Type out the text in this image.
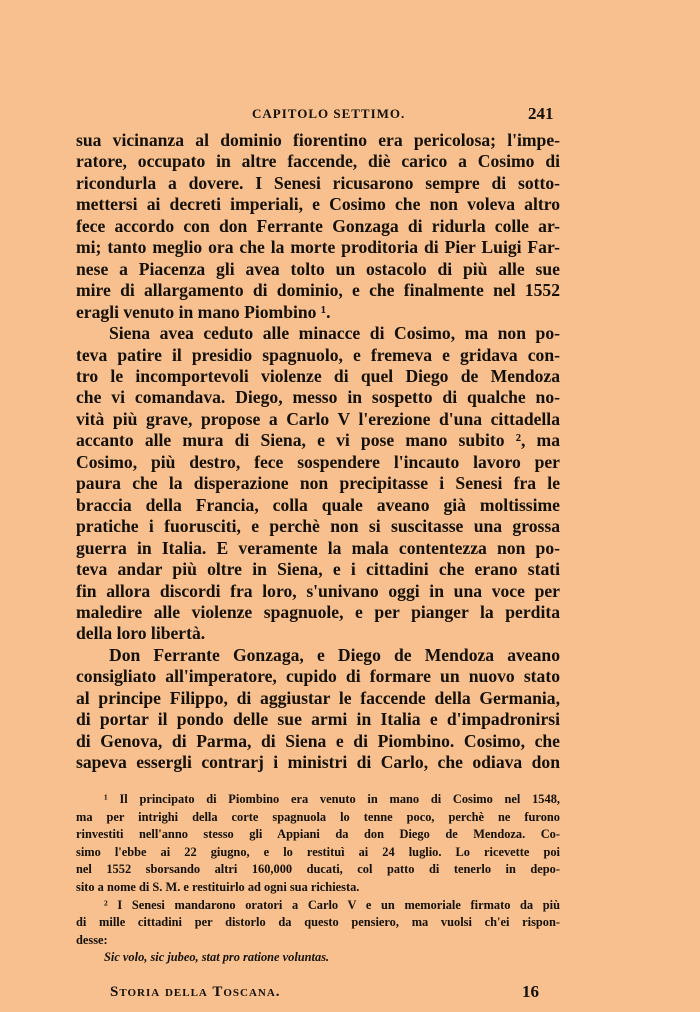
CAPITOLO SETTIMO.	241
sua vicinanza al dominio fiorentino era pericolosa; l'impe-
ratore, occupato in altre faccende, diè carico a Cosimo di
ricondurla a dovere. I Senesi ricusarono sempre di sotto-
mettersi ai decreti imperiali, e Cosimo che non voleva altro
fece accordo con don Ferrante Gonzaga di ridurla colle ar-
mi; tanto meglio ora che la morte proditoria di Pier Luigi Far-
nese a Piacenza gli avea tolto un ostacolo di più alle sue
mire di allargamento di dominio, e che finalmente nel 1552
eragli venuto in mano Piombino ¹.
Siena avea ceduto alle minacce di Cosimo, ma non po-
teva patire il presidio spagnuolo, e fremeva e gridava con-
tro le incomportevoli violenze di quel Diego de Mendoza
che vi comandava. Diego, messo in sospetto di qualche no-
vità più grave, propose a Carlo V l'erezione d'una cittadella
accanto alle mura di Siena, e vi pose mano subito ², ma
Cosimo, più destro, fece sospendere l'incauto lavoro per
paura che la disperazione non precipitasse i Senesi fra le
braccia della Francia, colla quale aveano già moltissime
pratiche i fuorusciti, e perchè non si suscitasse una grossa
guerra in Italia. E veramente la mala contentezza non po-
teva andar più oltre in Siena, e i cittadini che erano stati
fin allora discordi fra loro, s'univano oggi in una voce per
maledire alle violenze spagnuole, e per pianger la perdita
della loro libertà.
Don Ferrante Gonzaga, e Diego de Mendoza aveano
consigliato all'imperatore, cupido di formare un nuovo stato
al principe Filippo, di aggiustar le faccende della Germania,
di portar il pondo delle sue armi in Italia e d'impadronirsi
di Genova, di Parma, di Siena e di Piombino. Cosimo, che
sapeva essergli contrarj i ministri di Carlo, che odiava don
¹ Il principato di Piombino era venuto in mano di Cosimo nel 1548,
ma per intrighi della corte spagnuola lo tenne poco, perchè ne furono
rinvestiti nell'anno stesso gli Appiani da don Diego de Mendoza. Co-
simo l'ebbe ai 22 giugno, e lo restituì ai 24 luglio. Lo ricevette poi
nel 1552 sborsando altri 160,000 ducati, col patto di tenerlo in depo-
sito a nome di S. M. e restituirlo ad ogni sua richiesta.
² I Senesi mandarono oratori a Carlo V e un memoriale firmato da più
di mille cittadini per distorlo da questo pensiero, ma vuolsi ch'ei rispon-
desse:
Sic volo, sic jubeo, stat pro ratione voluntas.
Storia della Toscana.	16
